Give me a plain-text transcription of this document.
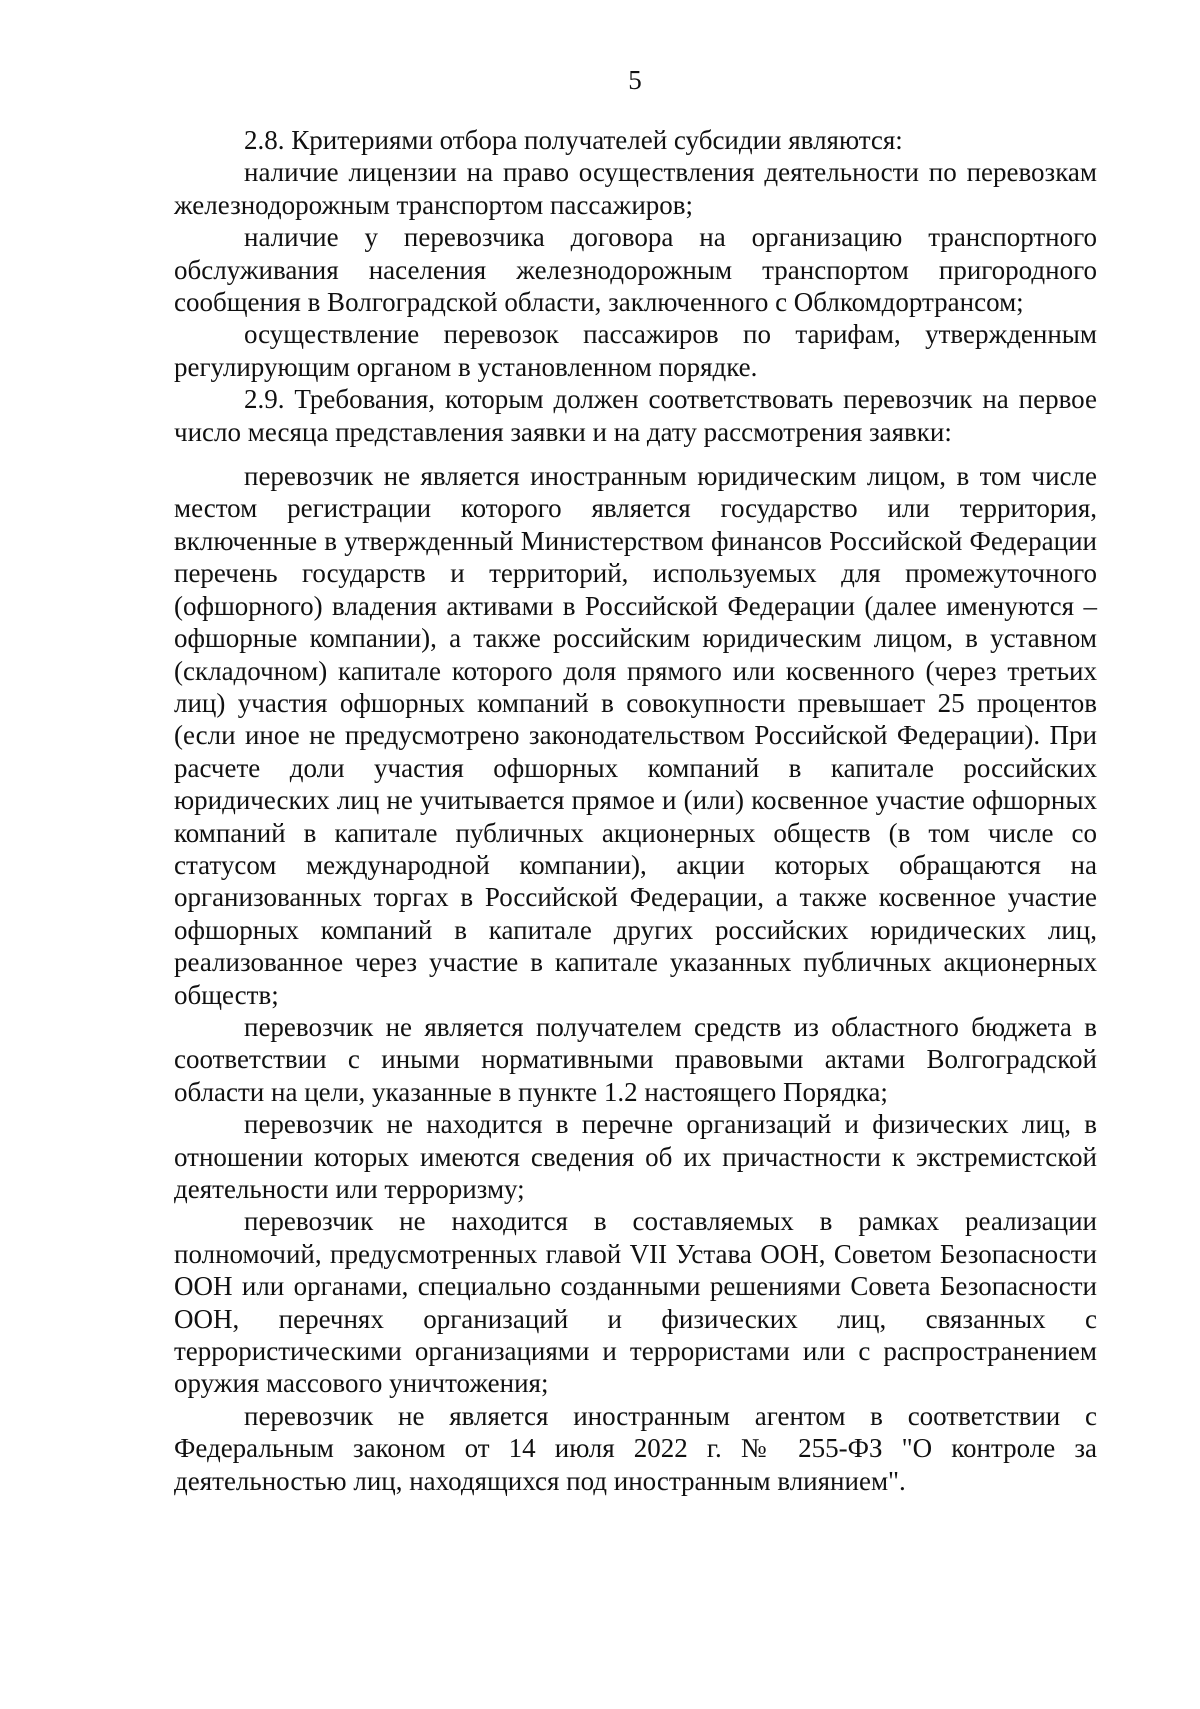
5

2.8. Критериями отбора получателей субсидии являются:

наличие лицензии на право осуществления деятельности по перевозкам железнодорожным транспортом пассажиров;

наличие у перевозчика договора на организацию транспортного обслуживания населения железнодорожным транспортом пригородного сообщения в Волгоградской области, заключенного с Облкомдортрансом;

осуществление перевозок пассажиров по тарифам, утвержденным регулирующим органом в установленном порядке.

2.9. Требования, которым должен соответствовать перевозчик на первое число месяца представления заявки и на дату рассмотрения заявки:

перевозчик не является иностранным юридическим лицом, в том числе местом регистрации которого является государство или территория, включенные в утвержденный Министерством финансов Российской Федерации перечень государств и территорий, используемых для промежуточного (офшорного) владения активами в Российской Федерации (далее именуются – офшорные компании), а также российским юридическим лицом, в уставном (складочном) капитале которого доля прямого или косвенного (через третьих лиц) участия офшорных компаний в совокупности превышает 25 процентов (если иное не предусмотрено законодательством Российской Федерации). При расчете доли участия офшорных компаний в капитале российских юридических лиц не учитывается прямое и (или) косвенное участие офшорных компаний в капитале публичных акционерных обществ (в том числе со статусом международной компании), акции которых обращаются на организованных торгах в Российской Федерации, а также косвенное участие офшорных компаний в капитале других российских юридических лиц, реализованное через участие в капитале указанных публичных акционерных обществ;

перевозчик не является получателем средств из областного бюджета в соответствии с иными нормативными правовыми актами Волгоградской области на цели, указанные в пункте 1.2 настоящего Порядка;

перевозчик не находится в перечне организаций и физических лиц, в отношении которых имеются сведения об их причастности к экстремистской деятельности или терроризму;

перевозчик не находится в составляемых в рамках реализации полномочий, предусмотренных главой VII Устава ООН, Советом Безопасности ООН или органами, специально созданными решениями Совета Безопасности ООН, перечнях организаций и физических лиц, связанных с террористическими организациями и террористами или с распространением оружия массового уничтожения;

перевозчик не является иностранным агентом в соответствии с Федеральным законом от 14 июля 2022 г. № 255-ФЗ "О контроле за деятельностью лиц, находящихся под иностранным влиянием".
